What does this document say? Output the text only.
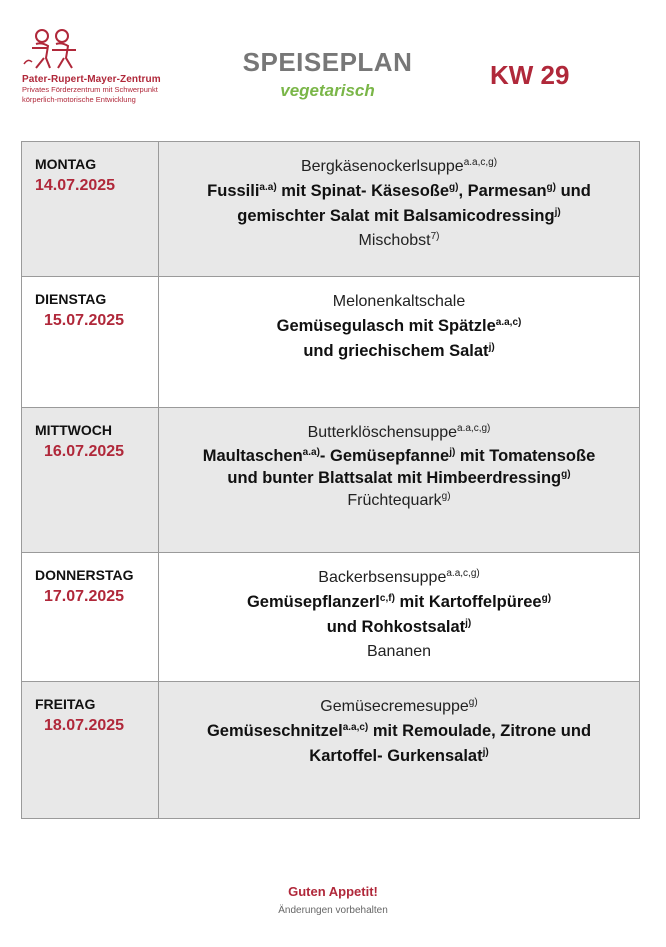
Pater-Rupert-Mayer-Zentrum
Privates Förderzentrum mit Schwerpunkt
körperlich-motorische Entwicklung
SPEISEPLAN
vegetarisch
KW 29
MONTAG
14.07.2025
Bergkäsenockerlsuppe$^{a.a,c,g)}$
Fussili$^{a.a)}$ mit Spinat- Käsesoße$^{g)}$, Parmesan$^{g)}$ und
gemischter Salat mit Balsamicodressing$^{j)}$
Mischobst$^{7)}$
DIENSTAG
15.07.2025
Melonenkaltschale
Gemüsegulasch mit Spätzle$^{a.a,c)}$
und griechischem Salat$^{j)}$
MITTWOCH
16.07.2025
Butterklöschensuppe$^{a.a,c,g)}$
Maultaschen$^{a.a)}$- Gemüsepfanne$^{j)}$ mit Tomatensoße
und bunter Blattsalat mit Himbeerdressing$^{g)}$
Früchtequark$^{g)}$
DONNERSTAG
17.07.2025
Backerbsensuppe$^{a.a,c,g)}$
Gemüsepflanzerl$^{c,f)}$ mit Kartoffelpüree$^{g)}$
und Rohkostsalat$^{j)}$
Bananen
FREITAG
18.07.2025
Gemüsecremesuppe$^{g)}$
Gemüseschnitzel$^{a.a,c)}$ mit Remoulade, Zitrone und
Kartoffel- Gurkensalat$^{j)}$
Guten Appetit!
Änderungen vorbehalten
